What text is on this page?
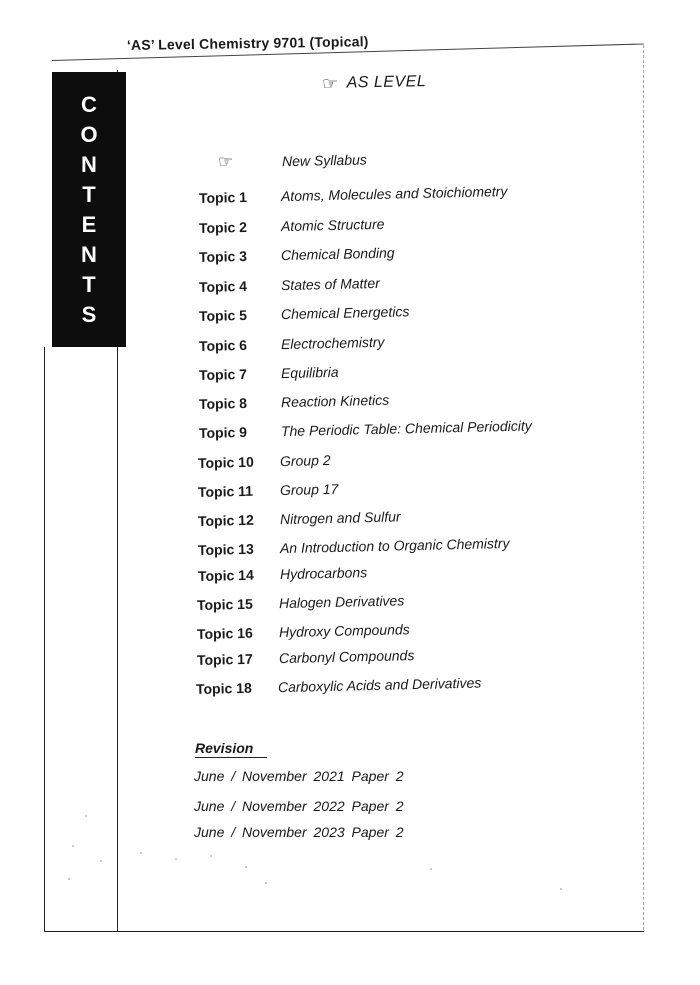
‘AS’ Level Chemistry 9701 (Topical)
C
O
N
T
E
N
T
S
☞ AS LEVEL
☞	New Syllabus
Topic 1	Atoms, Molecules and Stoichiometry
Topic 2	Atomic Structure
Topic 3	Chemical Bonding
Topic 4	States of Matter
Topic 5	Chemical Energetics
Topic 6	Electrochemistry
Topic 7	Equilibria
Topic 8	Reaction Kinetics
Topic 9	The Periodic Table: Chemical Periodicity
Topic 10	Group 2
Topic 11	Group 17
Topic 12	Nitrogen and Sulfur
Topic 13	An Introduction to Organic Chemistry
Topic 14	Hydrocarbons
Topic 15	Halogen Derivatives
Topic 16	Hydroxy Compounds
Topic 17	Carbonyl Compounds
Topic 18	Carboxylic Acids and Derivatives
Revision
June / November 2021 Paper 2
June / November 2022 Paper 2
June / November 2023 Paper 2
